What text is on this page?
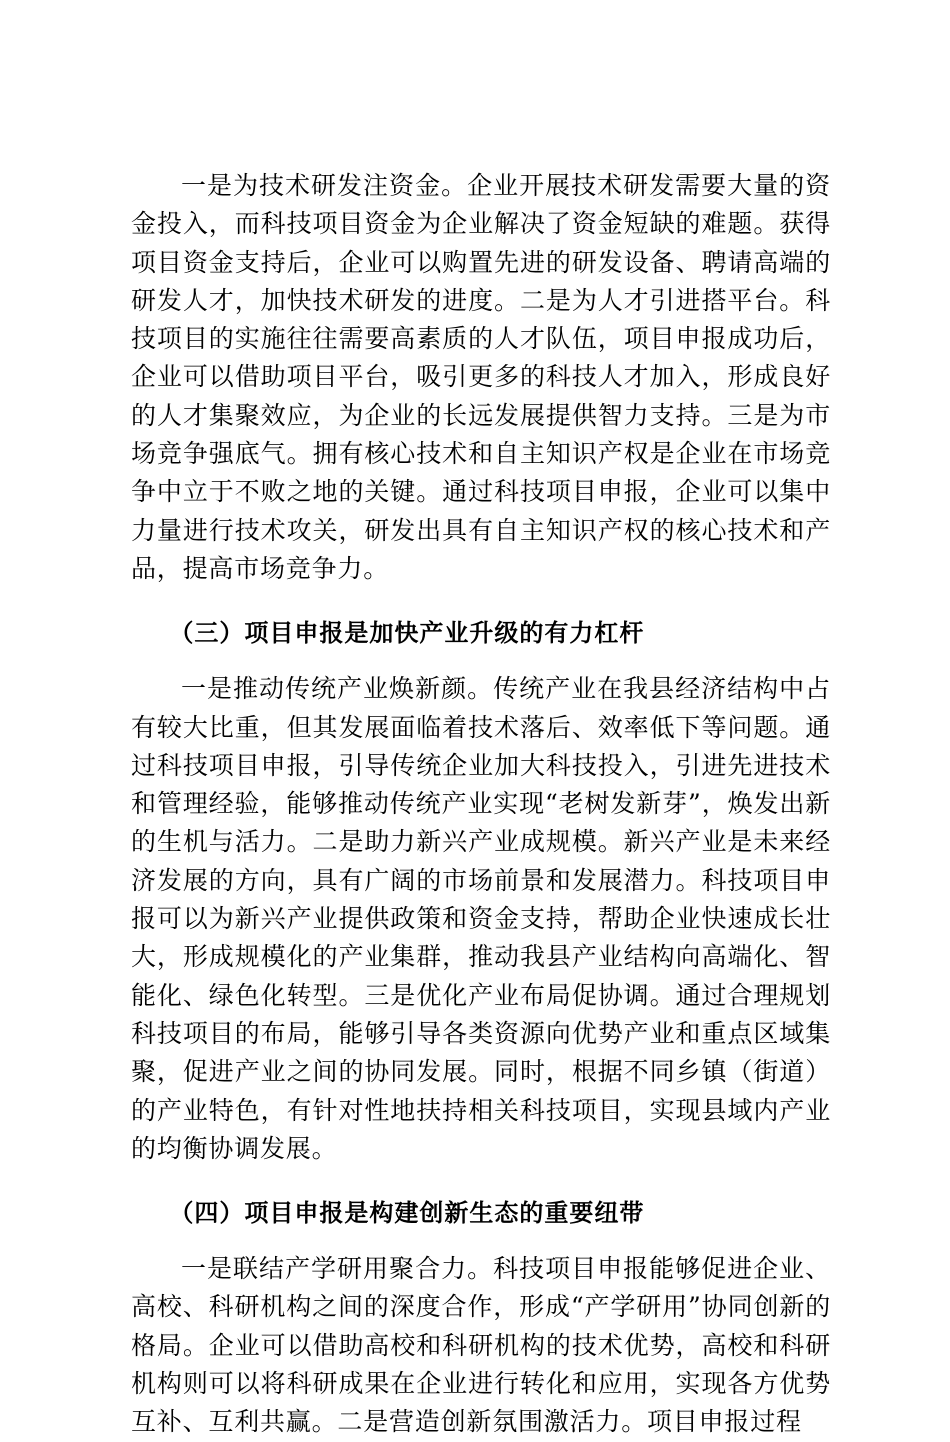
一是为技术研发注资金。企业开展技术研发需要大量的资金投入，而科技项目资金为企业解决了资金短缺的难题。获得项目资金支持后，企业可以购置先进的研发设备、聘请高端的研发人才，加快技术研发的进度。二是为人才引进搭平台。科技项目的实施往往需要高素质的人才队伍，项目申报成功后，企业可以借助项目平台，吸引更多的科技人才加入，形成良好的人才集聚效应，为企业的长远发展提供智力支持。三是为市场竞争强底气。拥有核心技术和自主知识产权是企业在市场竞争中立于不败之地的关键。通过科技项目申报，企业可以集中力量进行技术攻关，研发出具有自主知识产权的核心技术和产品，提高市场竞争力。

（三）项目申报是加快产业升级的有力杠杆

一是推动传统产业焕新颜。传统产业在我县经济结构中占有较大比重，但其发展面临着技术落后、效率低下等问题。通过科技项目申报，引导传统企业加大科技投入，引进先进技术和管理经验，能够推动传统产业实现“老树发新芽”，焕发出新的生机与活力。二是助力新兴产业成规模。新兴产业是未来经济发展的方向，具有广阔的市场前景和发展潜力。科技项目申报可以为新兴产业提供政策和资金支持，帮助企业快速成长壮大，形成规模化的产业集群，推动我县产业结构向高端化、智能化、绿色化转型。三是优化产业布局促协调。通过合理规划科技项目的布局，能够引导各类资源向优势产业和重点区域集聚，促进产业之间的协同发展。同时，根据不同乡镇（街道）的产业特色，有针对性地扶持相关科技项目，实现县域内产业的均衡协调发展。

（四）项目申报是构建创新生态的重要纽带

一是联结产学研用聚合力。科技项目申报能够促进企业、高校、科研机构之间的深度合作，形成“产学研用”协同创新的格局。企业可以借助高校和科研机构的技术优势，高校和科研机构则可以将科研成果在企业进行转化和应用，实现各方优势互补、互利共赢。二是营造创新氛围激活力。项目申报过程
